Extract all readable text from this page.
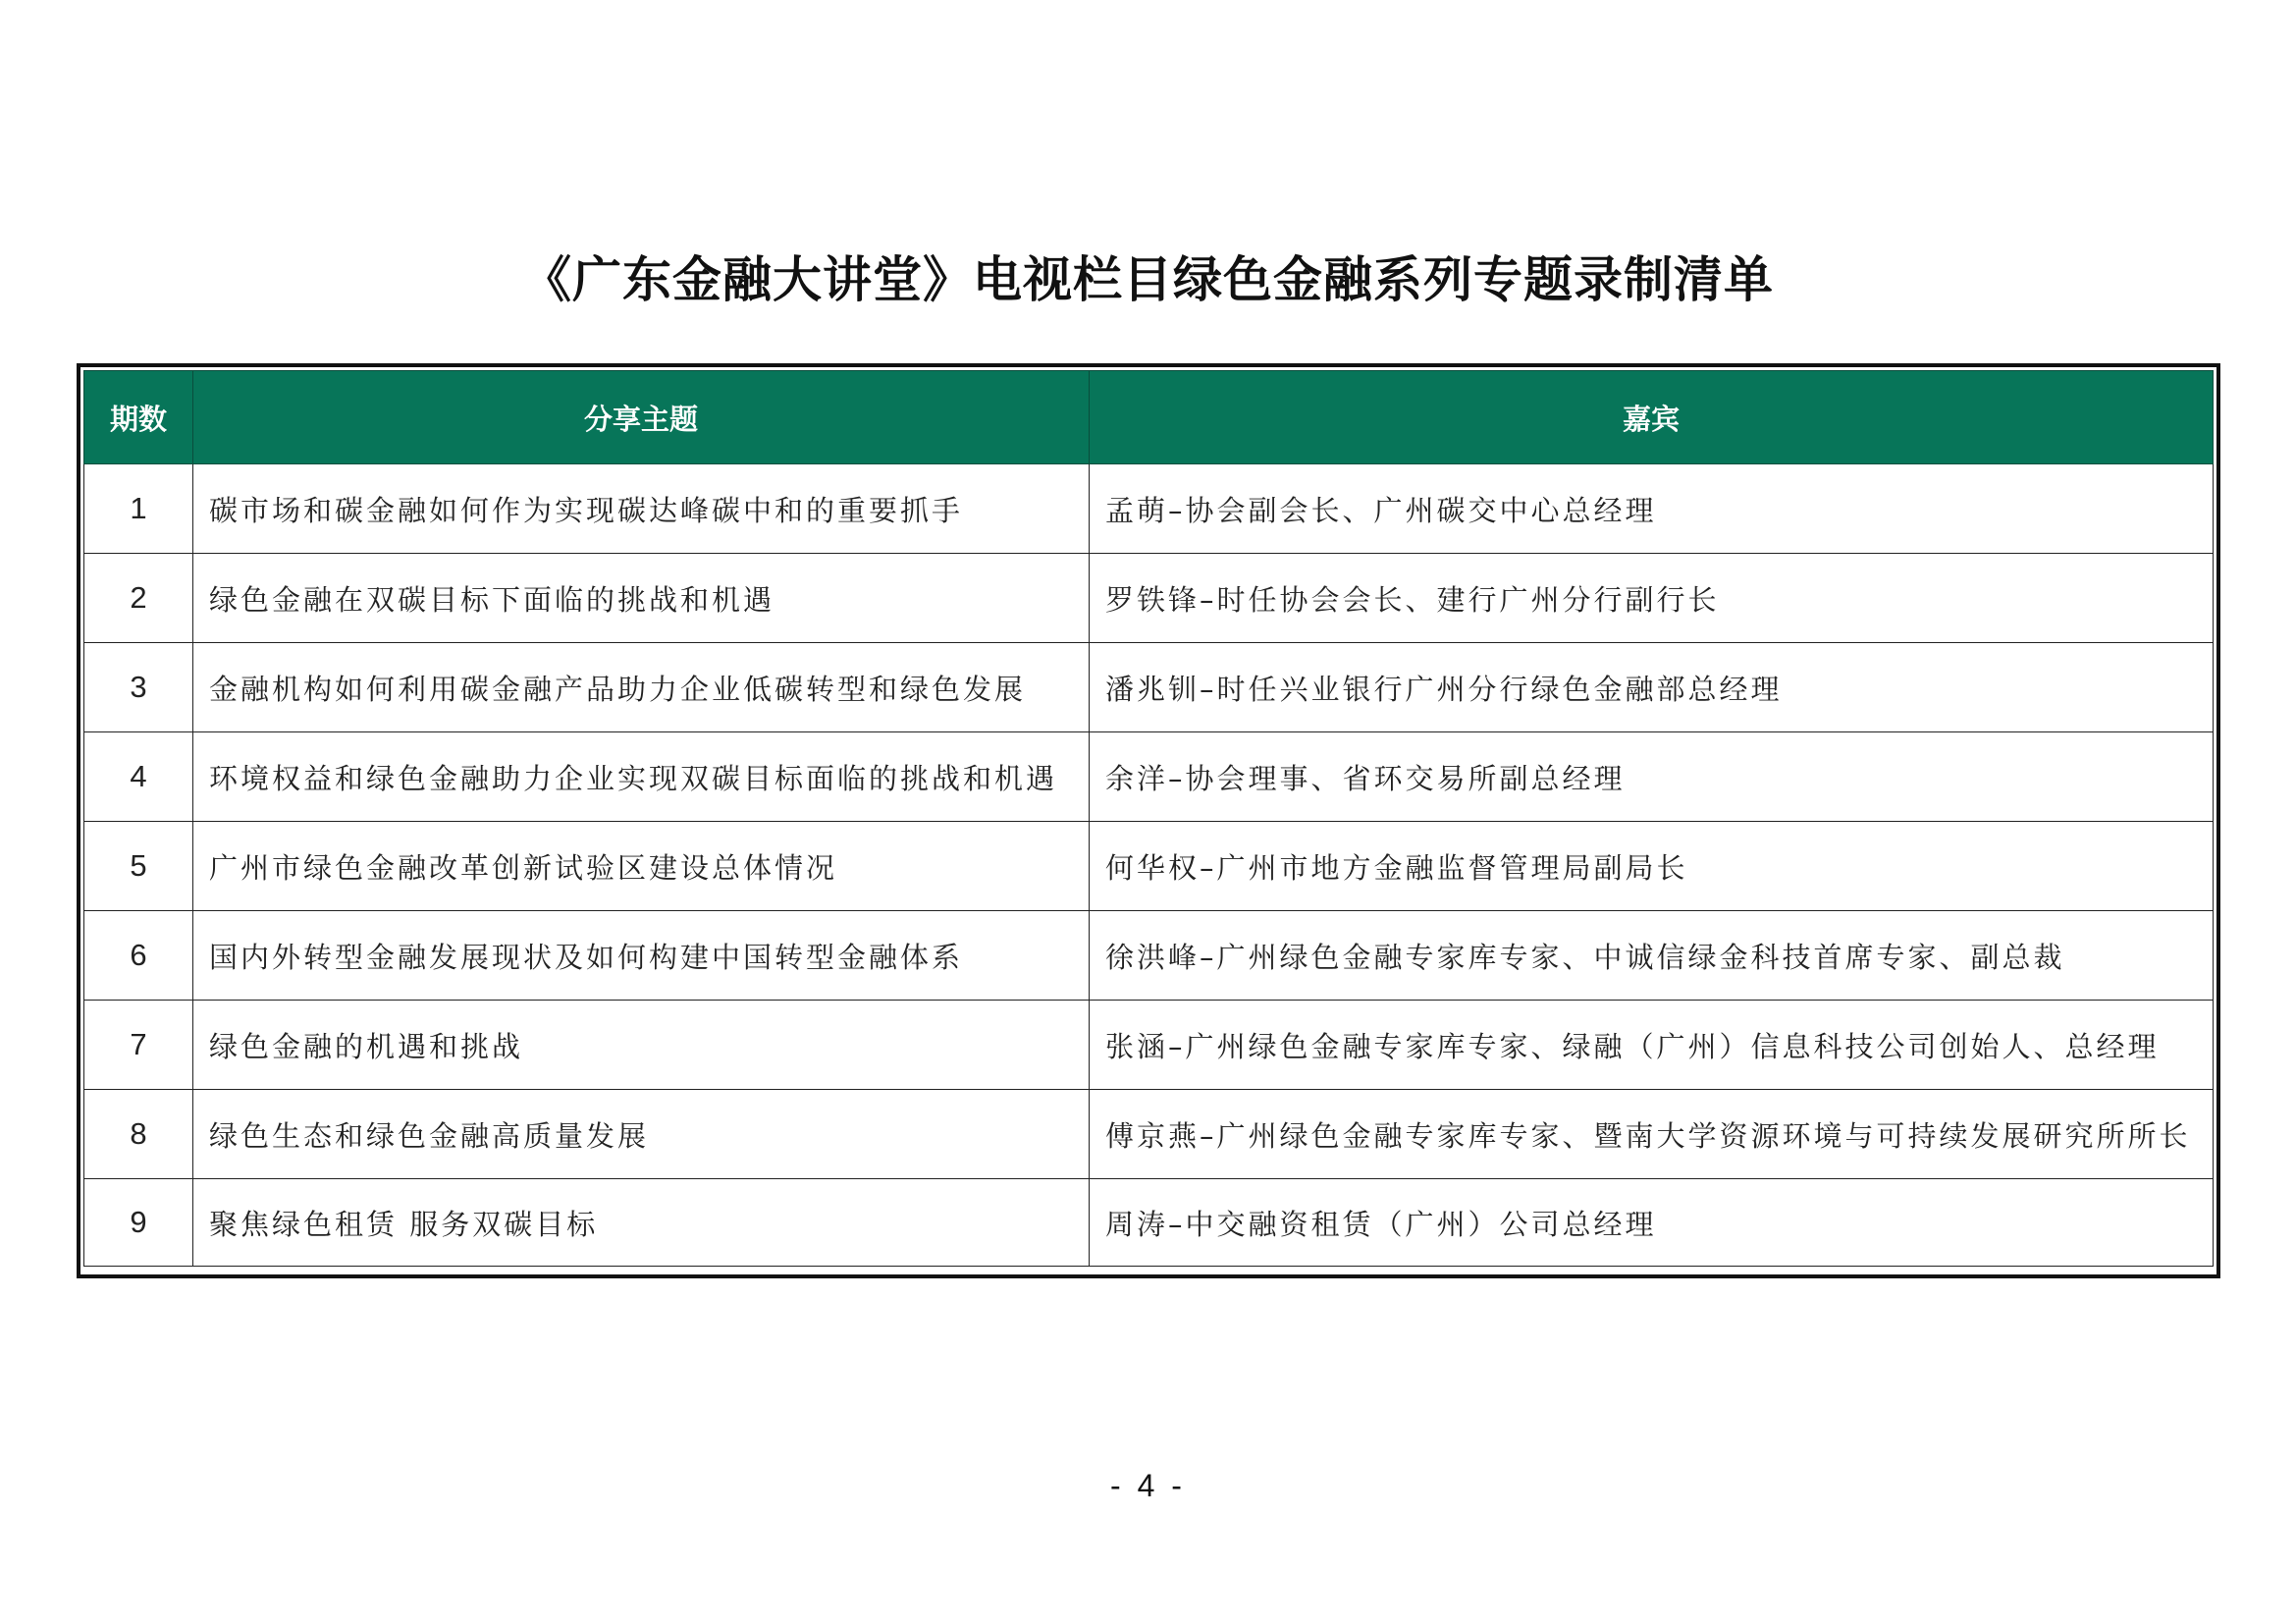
《广东金融大讲堂》电视栏目绿色金融系列专题录制清单
期数	分享主题	嘉宾
1	碳市场和碳金融如何作为实现碳达峰碳中和的重要抓手	孟萌–协会副会长、广州碳交中心总经理
2	绿色金融在双碳目标下面临的挑战和机遇	罗铁锋–时任协会会长、建行广州分行副行长
3	金融机构如何利用碳金融产品助力企业低碳转型和绿色发展	潘兆钏–时任兴业银行广州分行绿色金融部总经理
4	环境权益和绿色金融助力企业实现双碳目标面临的挑战和机遇	余洋–协会理事、省环交易所副总经理
5	广州市绿色金融改革创新试验区建设总体情况	何华权–广州市地方金融监督管理局副局长
6	国内外转型金融发展现状及如何构建中国转型金融体系	徐洪峰–广州绿色金融专家库专家、中诚信绿金科技首席专家、副总裁
7	绿色金融的机遇和挑战	张涵–广州绿色金融专家库专家、绿融（广州）信息科技公司创始人、总经理
8	绿色生态和绿色金融高质量发展	傅京燕–广州绿色金融专家库专家、暨南大学资源环境与可持续发展研究所所长
9	聚焦绿色租赁 服务双碳目标	周涛–中交融资租赁（广州）公司总经理
- 4 -
